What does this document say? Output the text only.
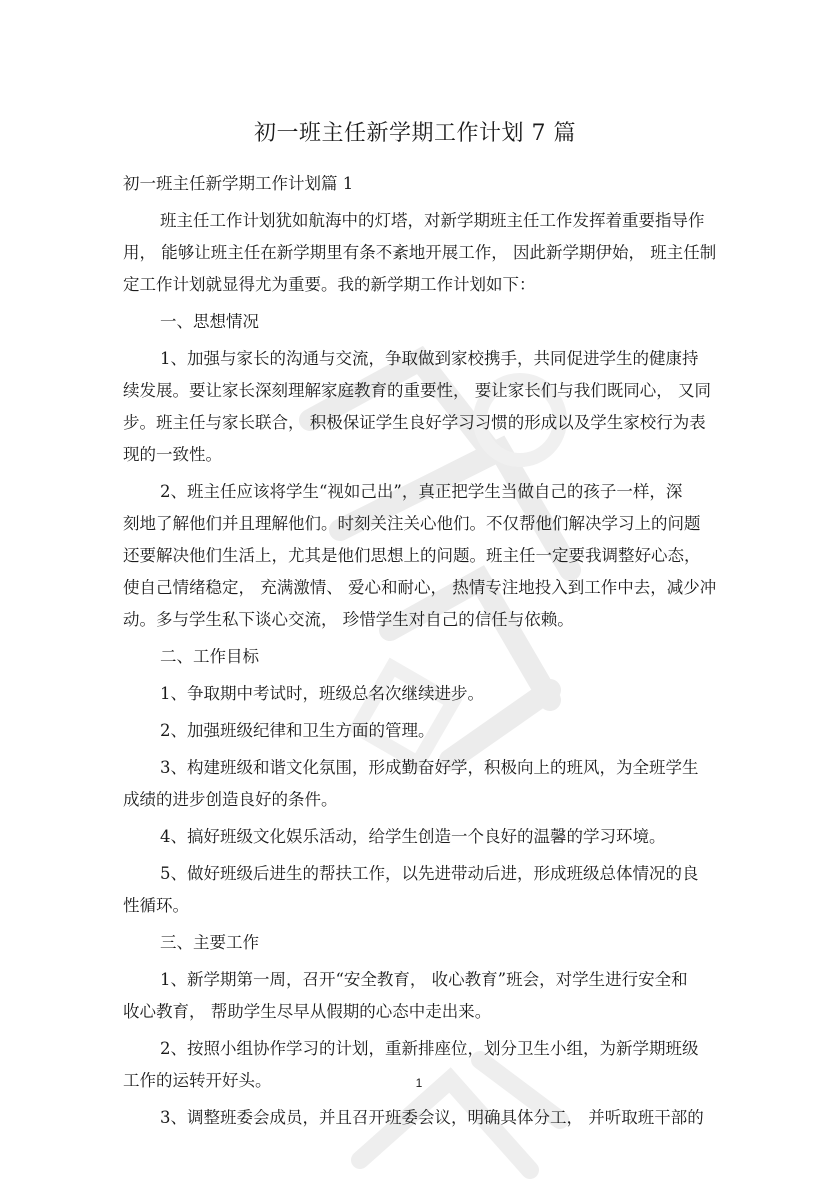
初一班主任新学期工作计划 7 篇

初一班主任新学期工作计划篇 1

班主任工作计划犹如航海中的灯塔，对新学期班主任工作发挥着重要指导作

用， 能够让班主任在新学期里有条不紊地开展工作， 因此新学期伊始， 班主任制

定工作计划就显得尤为重要。我的新学期工作计划如下：

一、思想情况

1、加强与家长的沟通与交流，争取做到家校携手，共同促进学生的健康持

续发展。要让家长深刻理解家庭教育的重要性， 要让家长们与我们既同心， 又同

步。班主任与家长联合， 积极保证学生良好学习习惯的形成以及学生家校行为表

现的一致性。

2、班主任应该将学生“视如己出”，真正把学生当做自己的孩子一样，深

刻地了解他们并且理解他们。时刻关注关心他们。不仅帮他们解决学习上的问题

还要解决他们生活上，尤其是他们思想上的问题。班主任一定要我调整好心态，

使自己情绪稳定， 充满激情、 爱心和耐心， 热情专注地投入到工作中去，减少冲

动。多与学生私下谈心交流， 珍惜学生对自己的信任与依赖。

二、工作目标

1、争取期中考试时，班级总名次继续进步。

2、加强班级纪律和卫生方面的管理。

3、构建班级和谐文化氛围，形成勤奋好学，积极向上的班风，为全班学生

成绩的进步创造良好的条件。

4、搞好班级文化娱乐活动，给学生创造一个良好的温馨的学习环境。

5、做好班级后进生的帮扶工作，以先进带动后进，形成班级总体情况的良

性循环。

三、主要工作

1、新学期第一周，召开“安全教育， 收心教育”班会，对学生进行安全和

收心教育， 帮助学生尽早从假期的心态中走出来。

2、按照小组协作学习的计划，重新排座位，划分卫生小组，为新学期班级

工作的运转开好头。

3、调整班委会成员，并且召开班委会议，明确具体分工， 并听取班干部的

1
